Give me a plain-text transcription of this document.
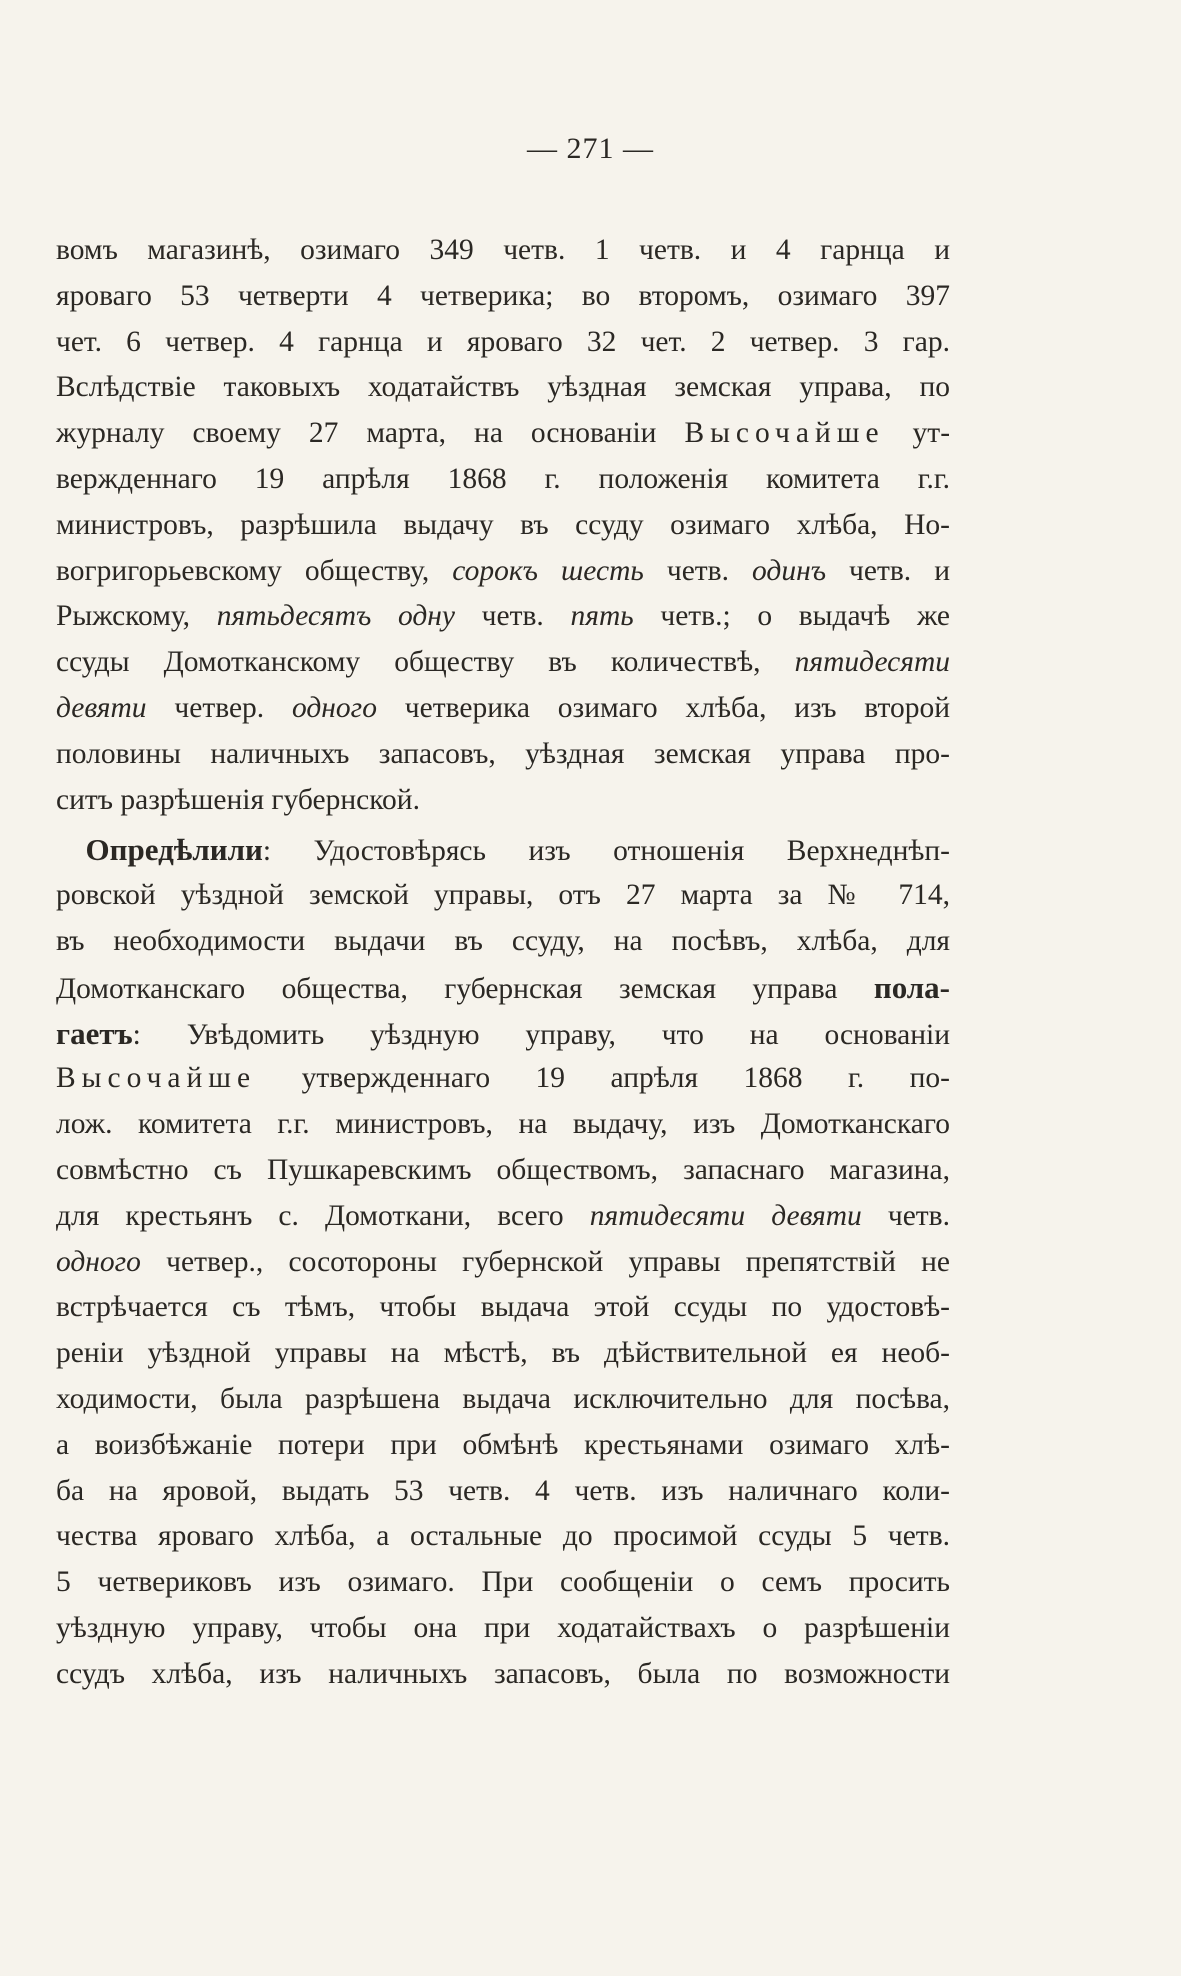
— 271 —
вомъ магазинѣ, озимаго 349 четв. 1 четв. и 4 гарнца и
яроваго 53 четверти 4 четверика; во второмъ, озимаго 397
чет. 6 четвер. 4 гарнца и яроваго 32 чет. 2 четвер. 3 гар.
Вслѣдствіе таковыхъ ходатайствъ уѣздная земская управа, по
журналу своему 27 марта, на основаніи Высочайше ут-
вержденнаго 19 апрѣля 1868 г. положенія комитета г.г.
министровъ, разрѣшила выдачу въ ссуду озимаго хлѣба, Но-
вогригорьевскому обществу, сорокъ шесть четв. одинъ четв. и
Рыжскому, пятьдесятъ одну четв. пять четв.; о выдачѣ же
ссуды Домотканскому обществу въ количествѣ, пятидесяти
девяти четвер. одного четверика озимаго хлѣба, изъ второй
половины наличныхъ запасовъ, уѣздная земская управа про-
ситъ разрѣшенія губернской.
 Опредѣлили: Удостовѣрясь изъ отношенія Верхнеднѣп-
ровской уѣздной земской управы, отъ 27 марта за № 714,
въ необходимости выдачи въ ссуду, на посѣвъ, хлѣба, для
Домотканскаго общества, губернская земская управа пола-
гаетъ: Увѣдомить уѣздную управу, что на основаніи
Высочайше утвержденнаго 19 апрѣля 1868 г. по-
лож. комитета г.г. министровъ, на выдачу, изъ Домотканскаго
совмѣстно съ Пушкаревскимъ обществомъ, запаснаго магазина,
для крестьянъ с. Домоткани, всего пятидесяти девяти четв.
одного четвер., сосотороны губернской управы препятствій не
встрѣчается съ тѣмъ, чтобы выдача этой ссуды по удостовѣ-
реніи уѣздной управы на мѣстѣ, въ дѣйствительной ея необ-
ходимости, была разрѣшена выдача исключительно для посѣва,
а воизбѣжаніе потери при обмѣнѣ крестьянами озимаго хлѣ-
ба на яровой, выдать 53 четв. 4 четв. изъ наличнаго коли-
чества яроваго хлѣба, а остальные до просимой ссуды 5 четв.
5 четвериковъ изъ озимаго. При сообщеніи о семъ просить
уѣздную управу, чтобы она при ходатайствахъ о разрѣшеніи
ссудъ хлѣба, изъ наличныхъ запасовъ, была по возможности
